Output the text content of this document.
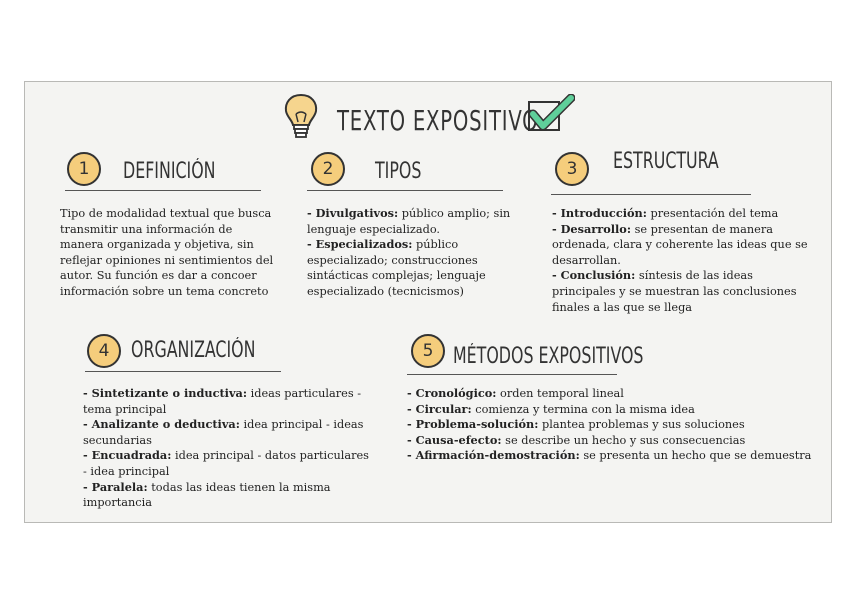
TEXTO EXPOSITIVO
1	DEFINICIÓN

Tipo de modalidad textual que busca transmitir una información de manera organizada y objetiva, sin reflejar opiniones ni sentimientos del autor. Su función es dar a concoer información sobre un tema concreto

2	TIPOS

- Divulgativos: público amplio; sin lenguaje especializado.

- Especializados: público especializado; construcciones sintácticas complejas; lenguaje especializado (tecnicismos)

3	ESTRUCTURA

- Introducción: presentación del tema

- Desarrollo: se presentan de manera ordenada, clara y coherente las ideas que se desarrollan.

- Conclusión: síntesis de las ideas principales y se muestran las conclusiones finales a las que se llega

4 ORGANIZACIÓN

- Sintetizante o inductiva: ideas particulares - tema principal

- Analizante o deductiva: idea principal - ideas secundarias

- Encuadrada: idea principal - datos particulares - idea principal

- Paralela: todas las ideas tienen la misma importancia

5 MÉTODOS EXPOSITIVOS

- Cronológico: orden temporal lineal

- Circular: comienza y termina con la misma idea

- Problema-solución: plantea problemas y sus soluciones

- Causa-efecto: se describe un hecho y sus consecuencias

- Afirmación-demostración: se presenta un hecho que se demuestra
